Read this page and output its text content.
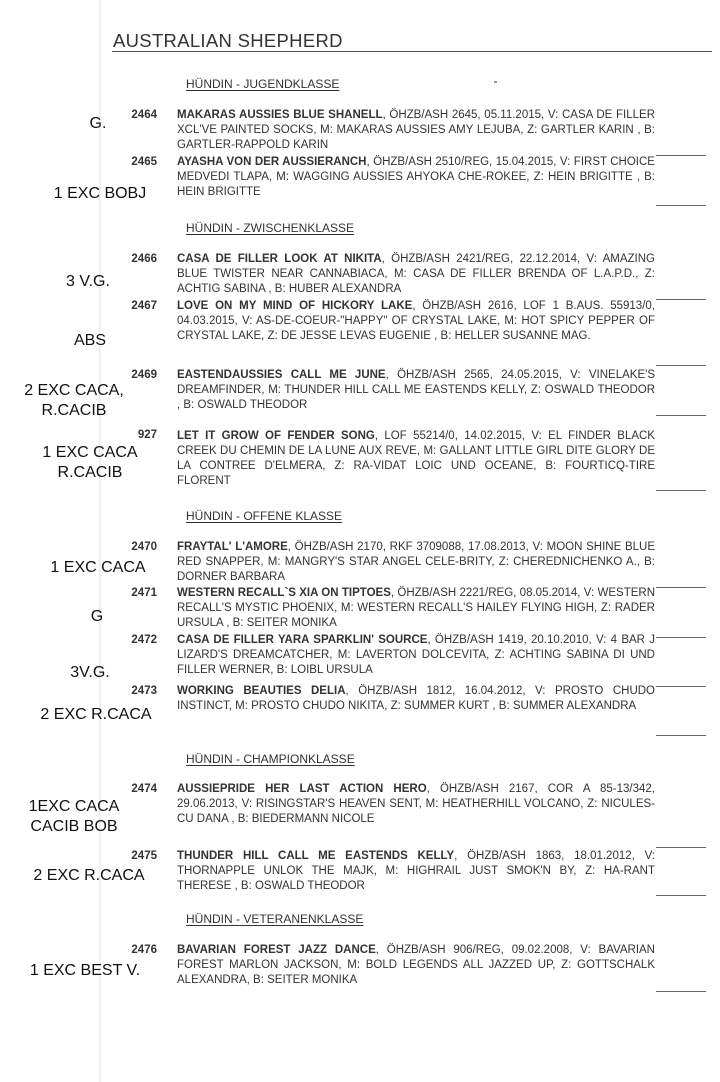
AUSTRALIAN SHEPHERD
HÜNDIN - JUGENDKLASSE
2464 MAKARAS AUSSIES BLUE SHANELL, ÖHZB/ASH 2645, 05.11.2015, V: CASA DE FILLER XCL'VE PAINTED SOCKS, M: MAKARAS AUSSIES AMY LEJUBA, Z: GARTLER KARIN , B: GARTLER-RAPPOLD KARIN
G.
2465 AYASHA VON DER AUSSIERANCH, ÖHZB/ASH 2510/REG, 15.04.2015, V: FIRST CHOICE MEDVEDI TLAPA, M: WAGGING AUSSIES AHYOKA CHE-ROKEE, Z: HEIN BRIGITTE , B: HEIN BRIGITTE
1 EXC BOBJ
HÜNDIN - ZWISCHENKLASSE
2466 CASA DE FILLER LOOK AT NIKITA, ÖHZB/ASH 2421/REG, 22.12.2014, V: AMAZING BLUE TWISTER NEAR CANNABIACA, M: CASA DE FILLER BRENDA OF L.A.P.D., Z: ACHTIG SABINA , B: HUBER ALEXANDRA
3 V.G.
2467 LOVE ON MY MIND OF HICKORY LAKE, ÖHZB/ASH 2616, LOF 1 B.AUS. 55913/0, 04.03.2015, V: AS-DE-COEUR-"HAPPY" OF CRYSTAL LAKE, M: HOT SPICY PEPPER OF CRYSTAL LAKE, Z: DE JESSE LEVAS EUGENIE , B: HELLER SUSANNE MAG.
ABS
2469 EASTENDAUSSIES CALL ME JUNE, ÖHZB/ASH 2565, 24.05.2015, V: VINELAKE'S DREAMFINDER, M: THUNDER HILL CALL ME EASTENDS KELLY, Z: OSWALD THEODOR , B: OSWALD THEODOR
2 EXC CACA, R.CACIB
927 LET IT GROW OF FENDER SONG, LOF 55214/0, 14.02.2015, V: EL FINDER BLACK CREEK DU CHEMIN DE LA LUNE AUX REVE, M: GALLANT LITTLE GIRL DITE GLORY DE LA CONTREE D'ELMERA, Z: RA-VIDAT LOIC UND OCEANE, B: FOURTICQ-TIRE FLORENT
1 EXC CACA R.CACIB
HÜNDIN - OFFENE KLASSE
2470 FRAYTAL' L'AMORE, ÖHZB/ASH 2170, RKF 3709088, 17.08.2013, V: MOON SHINE BLUE RED SNAPPER, M: MANGRY'S STAR ANGEL CELE-BRITY, Z: CHEREDNICHENKO A., B: DORNER BARBARA
1 EXC CACA
2471 WESTERN RECALL`S XIA ON TIPTOES, ÖHZB/ASH 2221/REG, 08.05.2014, V: WESTERN RECALL'S MYSTIC PHOENIX, M: WESTERN RECALL'S HAILEY FLYING HIGH, Z: RADER URSULA , B: SEITER MONIKA
G
2472 CASA DE FILLER YARA SPARKLIN' SOURCE, ÖHZB/ASH 1419, 20.10.2010, V: 4 BAR J LIZARD'S DREAMCATCHER, M: LAVERTON DOLCEVITA, Z: ACHTING SABINA DI UND FILLER WERNER, B: LOIBL URSULA
3V.G.
2473 WORKING BEAUTIES DELIA, ÖHZB/ASH 1812, 16.04.2012, V: PROSTO CHUDO INSTINCT, M: PROSTO CHUDO NIKITA, Z: SUMMER KURT , B: SUMMER ALEXANDRA
2 EXC R.CACA
HÜNDIN - CHAMPIONKLASSE
2474 AUSSIEPRIDE HER LAST ACTION HERO, ÖHZB/ASH 2167, COR A 85-13/342, 29.06.2013, V: RISINGSTAR'S HEAVEN SENT, M: HEATHERHILL VOLCANO, Z: NICULES-CU DANA , B: BIEDERMANN NICOLE
1EXC CACA CACIB BOB
2475 THUNDER HILL CALL ME EASTENDS KELLY, ÖHZB/ASH 1863, 18.01.2012, V: THORNAPPLE UNLOK THE MAJK, M: HIGHRAIL JUST SMOK'N BY, Z: HA-RANT THERESE , B: OSWALD THEODOR
2 EXC R.CACA
HÜNDIN - VETERANENKLASSE
2476 BAVARIAN FOREST JAZZ DANCE, ÖHZB/ASH 906/REG, 09.02.2008, V: BAVARIAN FOREST MARLON JACKSON, M: BOLD LEGENDS ALL JAZZED UP, Z: GOTTSCHALK ALEXANDRA, B: SEITER MONIKA
1 EXC BEST V.
